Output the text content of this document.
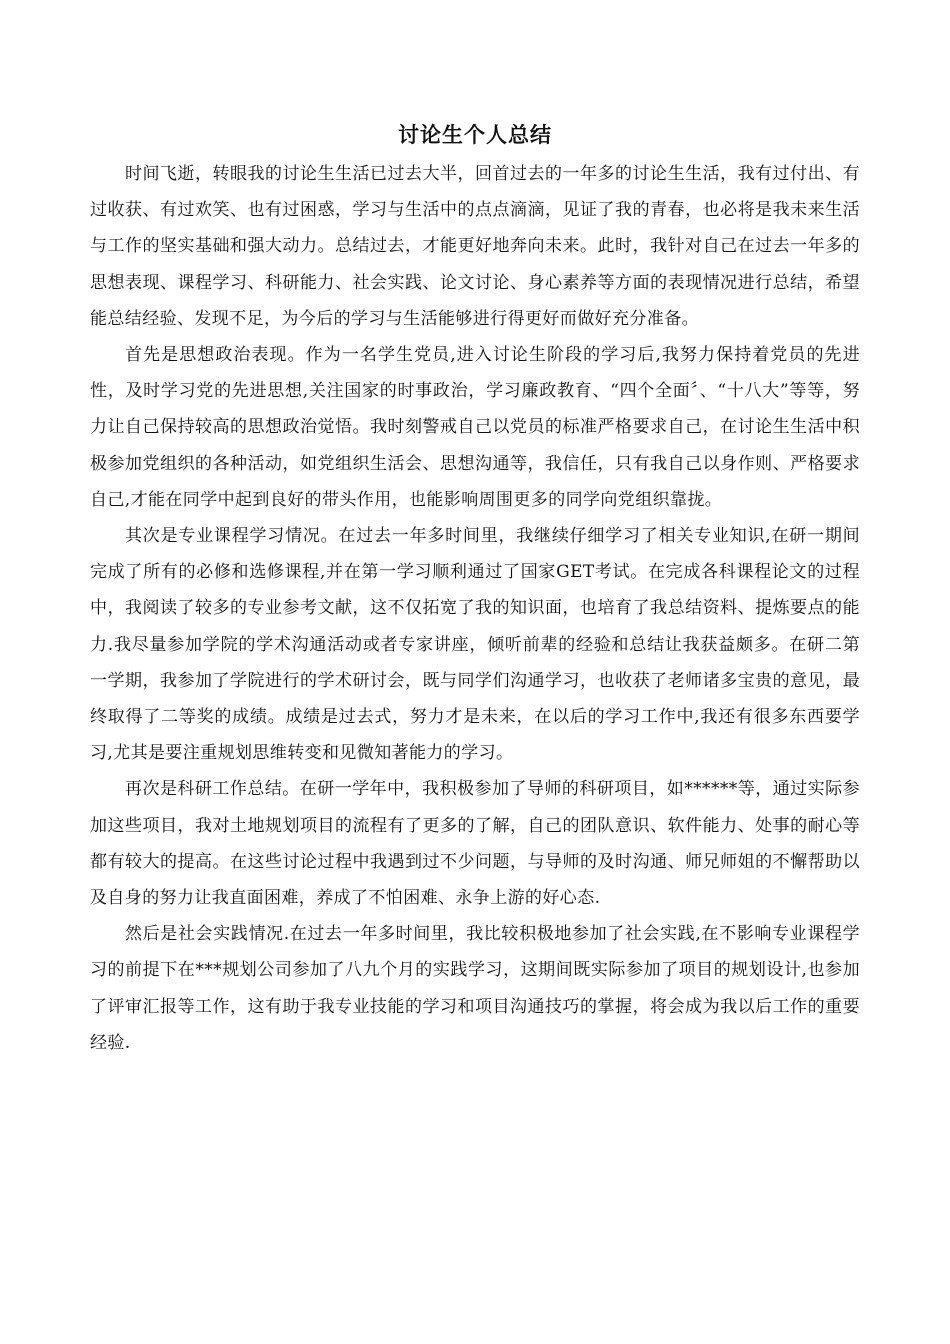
讨论生个人总结

时间飞逝，转眼我的讨论生生活已过去大半，回首过去的一年多的讨论生生活，我有过付出、有过收获、有过欢笑、也有过困惑，学习与生活中的点点滴滴，见证了我的青春，也必将是我未来生活与工作的坚实基础和强大动力。总结过去，才能更好地奔向未来。此时，我针对自己在过去一年多的思想表现、课程学习、科研能力、社会实践、论文讨论、身心素养等方面的表现情况进行总结，希望能总结经验、发现不足，为今后的学习与生活能够进行得更好而做好充分准备。

首先是思想政治表现。作为一名学生党员,进入讨论生阶段的学习后,我努力保持着党员的先进性，及时学习党的先进思想,关注国家的时事政治，学习廉政教育、“四个全面〞、“十八大”等等，努力让自己保持较高的思想政治觉悟。我时刻警戒自己以党员的标准严格要求自己，在讨论生生活中积极参加党组织的各种活动，如党组织生活会、思想沟通等，我信任，只有我自己以身作则、严格要求自己,才能在同学中起到良好的带头作用，也能影响周围更多的同学向党组织靠拢。

其次是专业课程学习情况。在过去一年多时间里，我继续仔细学习了相关专业知识,在研一期间完成了所有的必修和选修课程,并在第一学习顺利通过了国家GET考试。在完成各科课程论文的过程中，我阅读了较多的专业参考文献，这不仅拓宽了我的知识面，也培育了我总结资料、提炼要点的能力.我尽量参加学院的学术沟通活动或者专家讲座，倾听前辈的经验和总结让我获益颇多。在研二第一学期，我参加了学院进行的学术研讨会，既与同学们沟通学习，也收获了老师诸多宝贵的意见，最终取得了二等奖的成绩。成绩是过去式，努力才是未来，在以后的学习工作中,我还有很多东西要学习,尤其是要注重规划思维转变和见微知著能力的学习。

再次是科研工作总结。在研一学年中，我积极参加了导师的科研项目，如******等，通过实际参加这些项目，我对土地规划项目的流程有了更多的了解，自己的团队意识、软件能力、处事的耐心等都有较大的提高。在这些讨论过程中我遇到过不少问题，与导师的及时沟通、师兄师姐的不懈帮助以及自身的努力让我直面困难，养成了不怕困难、永争上游的好心态.

然后是社会实践情况.在过去一年多时间里，我比较积极地参加了社会实践,在不影响专业课程学习的前提下在***规划公司参加了八九个月的实践学习，这期间既实际参加了项目的规划设计,也参加了评审汇报等工作，这有助于我专业技能的学习和项目沟通技巧的掌握，将会成为我以后工作的重要经验.
